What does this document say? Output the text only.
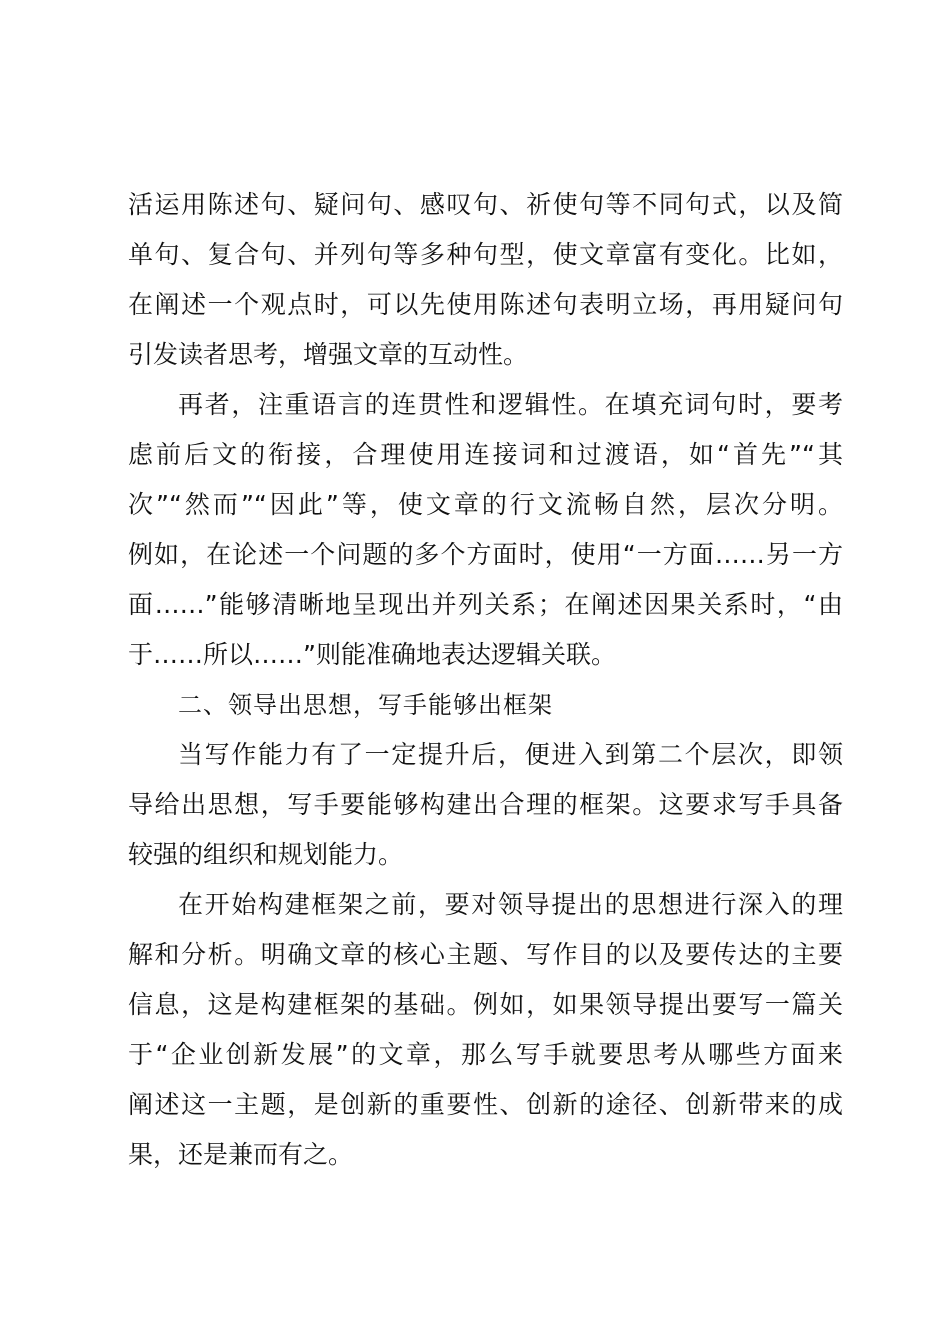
活运用陈述句、疑问句、感叹句、祈使句等不同句式，以及简
单句、复合句、并列句等多种句型，使文章富有变化。比如，
在阐述一个观点时，可以先使用陈述句表明立场，再用疑问句
引发读者思考，增强文章的互动性。
再者，注重语言的连贯性和逻辑性。在填充词句时，要考
虑前后文的衔接，合理使用连接词和过渡语，如“首先”“其
次”“然而”“因此”等，使文章的行文流畅自然，层次分明。
例如，在论述一个问题的多个方面时，使用“一方面……另一方
面……”能够清晰地呈现出并列关系；在阐述因果关系时，“由
于……所以……”则能准确地表达逻辑关联。
二、领导出思想，写手能够出框架
当写作能力有了一定提升后，便进入到第二个层次，即领
导给出思想，写手要能够构建出合理的框架。这要求写手具备
较强的组织和规划能力。
在开始构建框架之前，要对领导提出的思想进行深入的理
解和分析。明确文章的核心主题、写作目的以及要传达的主要
信息，这是构建框架的基础。例如，如果领导提出要写一篇关
于“企业创新发展”的文章，那么写手就要思考从哪些方面来
阐述这一主题，是创新的重要性、创新的途径、创新带来的成
果，还是兼而有之。
